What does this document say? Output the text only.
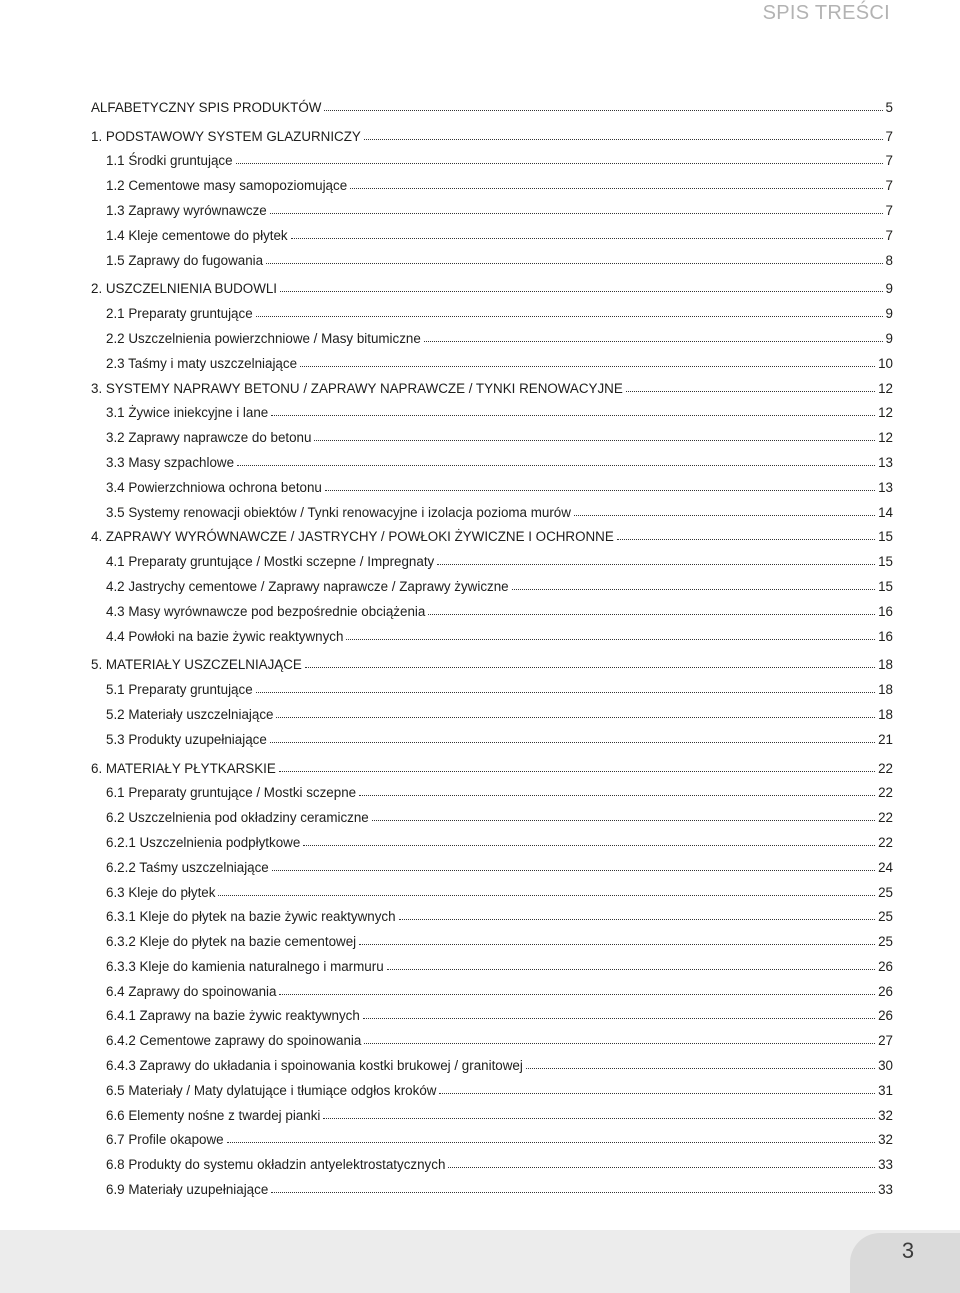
SPIS TREŚCI
ALFABETYCZNY SPIS PRODUKTÓW	5
1. PODSTAWOWY SYSTEM GLAZURNICZY	7
1.1 Środki gruntujące	7
1.2 Cementowe masy samopoziomujące	7
1.3 Zaprawy wyrównawcze	7
1.4 Kleje cementowe do płytek	7
1.5 Zaprawy do fugowania	8
2. USZCZELNIENIA BUDOWLI	9
2.1 Preparaty gruntujące	9
2.2 Uszczelnienia powierzchniowe / Masy bitumiczne	9
2.3 Taśmy i maty uszczelniające	10
3. SYSTEMY NAPRAWY BETONU / ZAPRAWY NAPRAWCZE / TYNKI RENOWACYJNE	12
3.1 Żywice iniekcyjne i lane	12
3.2 Zaprawy naprawcze do betonu	12
3.3 Masy szpachlowe	13
3.4 Powierzchniowa ochrona betonu	13
3.5 Systemy renowacji obiektów / Tynki renowacyjne i izolacja pozioma murów	14
4. ZAPRAWY WYRÓWNAWCZE / JASTRYCHY / POWŁOKI ŻYWICZNE I OCHRONNE	15
4.1 Preparaty gruntujące / Mostki sczepne / Impregnaty	15
4.2 Jastrychy cementowe / Zaprawy naprawcze / Zaprawy żywiczne	15
4.3 Masy wyrównawcze pod bezpośrednie obciążenia	16
4.4 Powłoki na bazie żywic reaktywnych	16
5. MATERIAŁY USZCZELNIAJĄCE	18
5.1 Preparaty gruntujące	18
5.2 Materiały uszczelniające	18
5.3 Produkty uzupełniające	21
6. MATERIAŁY PŁYTKARSKIE	22
6.1 Preparaty gruntujące / Mostki sczepne	22
6.2 Uszczelnienia pod okładziny ceramiczne	22
6.2.1 Uszczelnienia podpłytkowe	22
6.2.2 Taśmy uszczelniające	24
6.3 Kleje do płytek	25
6.3.1 Kleje do płytek na bazie żywic reaktywnych	25
6.3.2 Kleje do płytek na bazie cementowej	25
6.3.3 Kleje do kamienia naturalnego i marmuru	26
6.4 Zaprawy do spoinowania	26
6.4.1 Zaprawy na bazie żywic reaktywnych	26
6.4.2 Cementowe zaprawy do spoinowania	27
6.4.3 Zaprawy do układania i spoinowania kostki brukowej / granitowej	30
6.5 Materiały / Maty dylatujące i tłumiące odgłos kroków	31
6.6 Elementy nośne z twardej pianki	32
6.7 Profile okapowe	32
6.8 Produkty do systemu okładzin antyelektrostatycznych	33
6.9 Materiały uzupełniające	33
3
